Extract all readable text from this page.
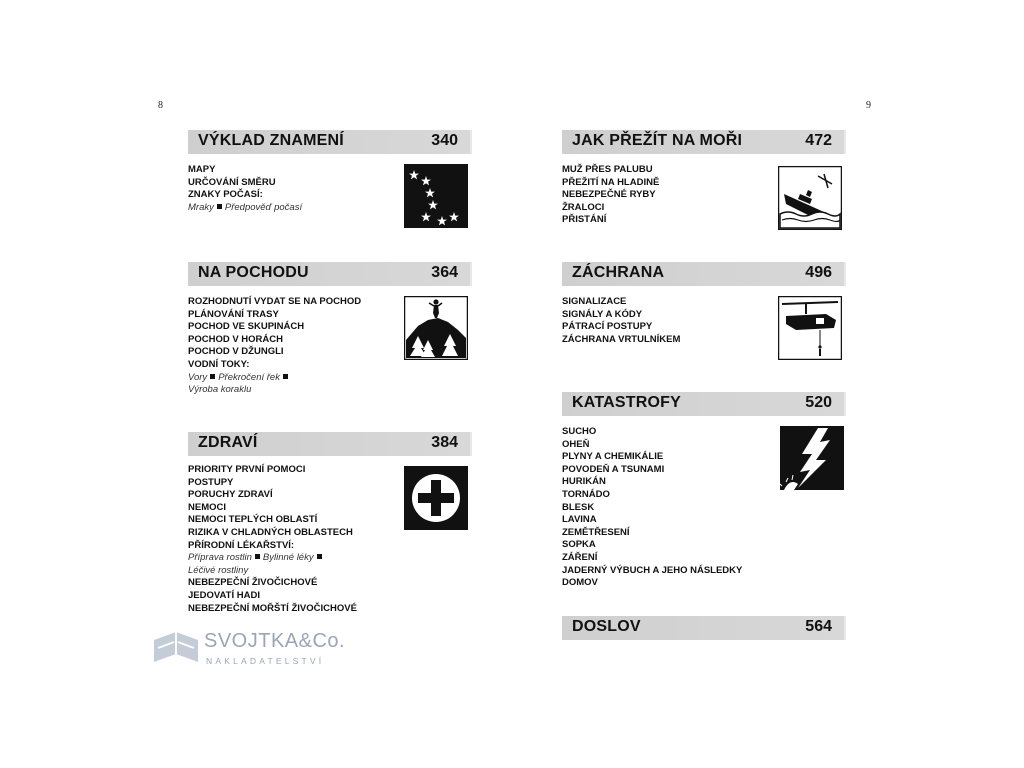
8	9
VÝKLAD ZNAMENÍ	340
MAPY
URČOVÁNÍ SMĚRU
ZNAKY POČASÍ:
Mraky Předpověď počasí
NA POCHODU	364
ROZHODNUTÍ VYDAT SE NA POCHOD
PLÁNOVÁNÍ TRASY
POCHOD VE SKUPINÁCH
POCHOD V HORÁCH
POCHOD V DŽUNGLI
VODNÍ TOKY:
Vory Překročení řek
Výroba koraklu
ZDRAVÍ	384
PRIORITY PRVNÍ POMOCI
POSTUPY
PORUCHY ZDRAVÍ
NEMOCI
NEMOCI TEPLÝCH OBLASTÍ
RIZIKA V CHLADNÝCH OBLASTECH
PŘÍRODNÍ LÉKAŘSTVÍ:
Příprava rostlin Bylinné léky
Léčivé rostliny
NEBEZPEČNÍ ŽIVOČICHOVÉ
JEDOVATÍ HADI
NEBEZPEČNÍ MOŘŠTÍ ŽIVOČICHOVÉ
JAK PŘEŽÍT NA MOŘI	472
MUŽ PŘES PALUBU
PŘEŽITÍ NA HLADINĚ
NEBEZPEČNÉ RYBY
ŽRALOCI
PŘISTÁNÍ
ZÁCHRANA	496
SIGNALIZACE
SIGNÁLY A KÓDY
PÁTRACÍ POSTUPY
ZÁCHRANA VRTULNÍKEM
KATASTROFY	520
SUCHO
OHEŇ
PLYNY A CHEMIKÁLIE
POVODEŇ A TSUNAMI
HURIKÁN
TORNÁDO
BLESK
LAVINA
ZEMĚTŘESENÍ
SOPKA
ZÁŘENÍ
JADERNÝ VÝBUCH A JEHO NÁSLEDKY
DOMOV
DOSLOV	564
SVOJTKA&Co.
NAKLADATELSTVÍ
